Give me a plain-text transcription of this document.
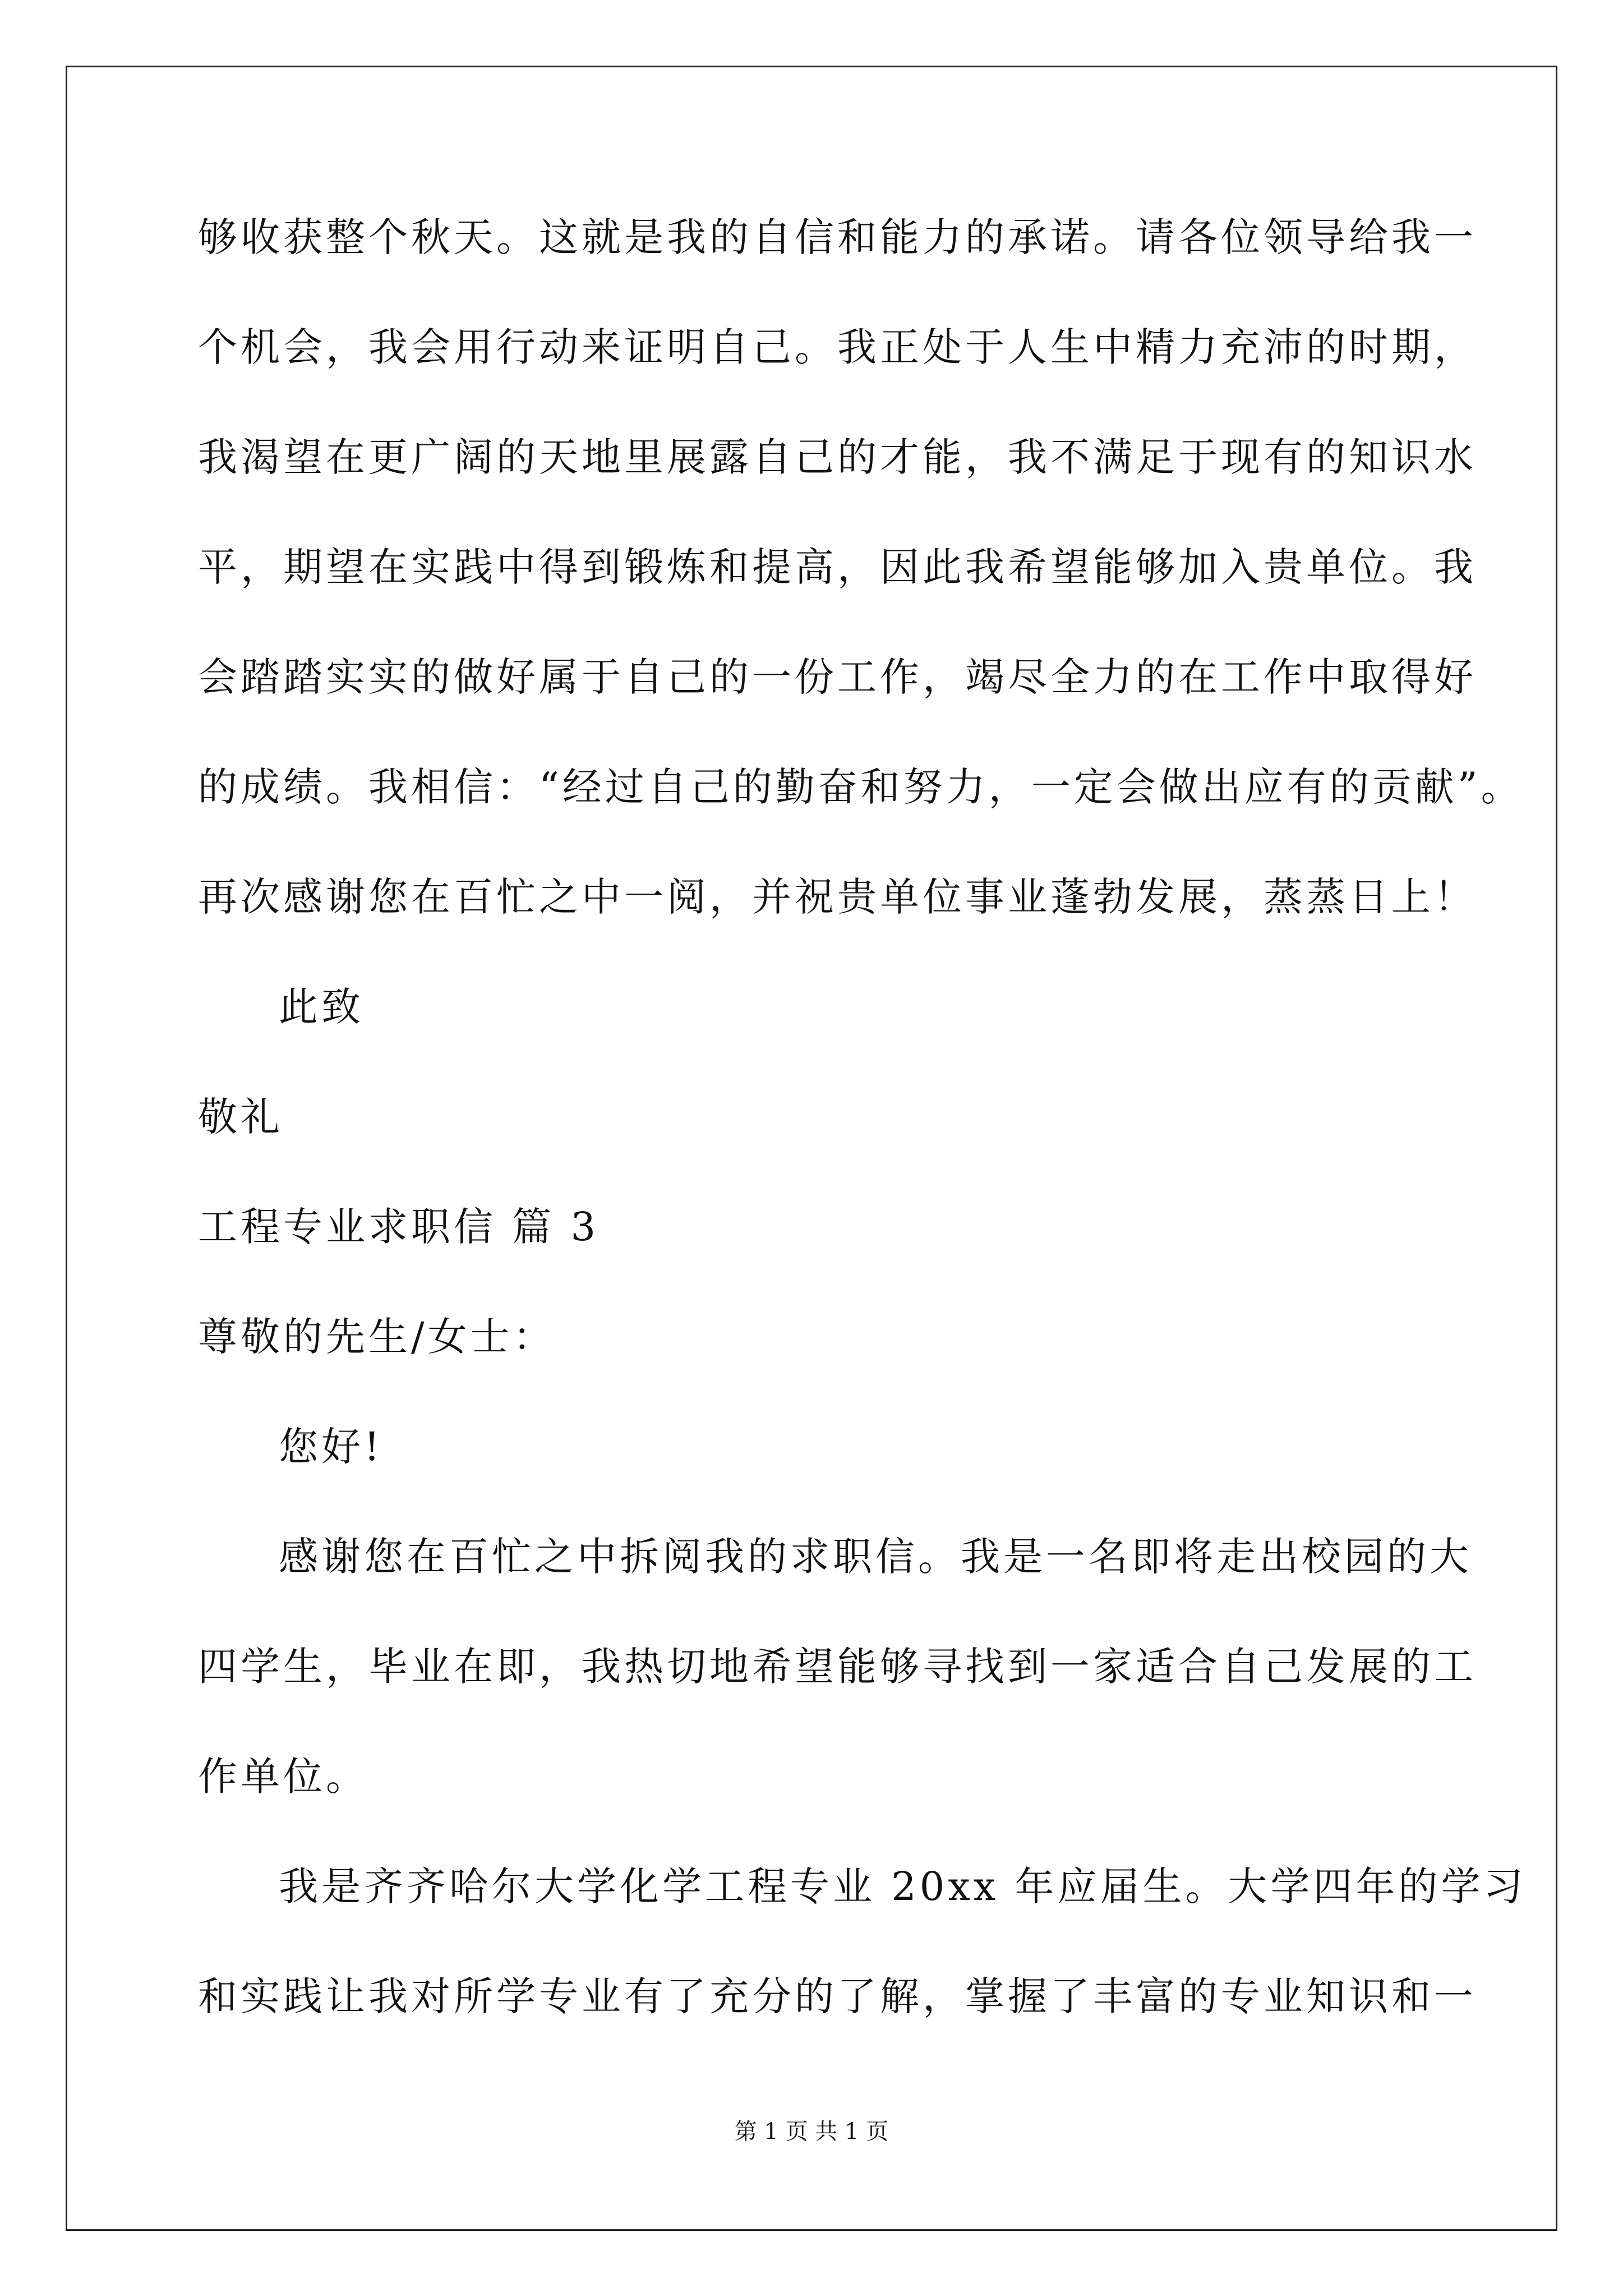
够收获整个秋天。这就是我的自信和能力的承诺。请各位领导给我一
个机会，我会用行动来证明自己。我正处于人生中精力充沛的时期，
我渴望在更广阔的天地里展露自己的才能，我不满足于现有的知识水
平，期望在实践中得到锻炼和提高，因此我希望能够加入贵单位。我
会踏踏实实的做好属于自己的一份工作，竭尽全力的在工作中取得好
的成绩。我相信：“经过自己的勤奋和努力，一定会做出应有的贡献”。
再次感谢您在百忙之中一阅，并祝贵单位事业蓬勃发展，蒸蒸日上！
此致
敬礼
工程专业求职信 篇 3
尊敬的先生/女士：
您好!
感谢您在百忙之中拆阅我的求职信。我是一名即将走出校园的大
四学生，毕业在即，我热切地希望能够寻找到一家适合自己发展的工
作单位。
我是齐齐哈尔大学化学工程专业 20xx 年应届生。大学四年的学习
和实践让我对所学专业有了充分的了解，掌握了丰富的专业知识和一
第 1 页 共 1 页
